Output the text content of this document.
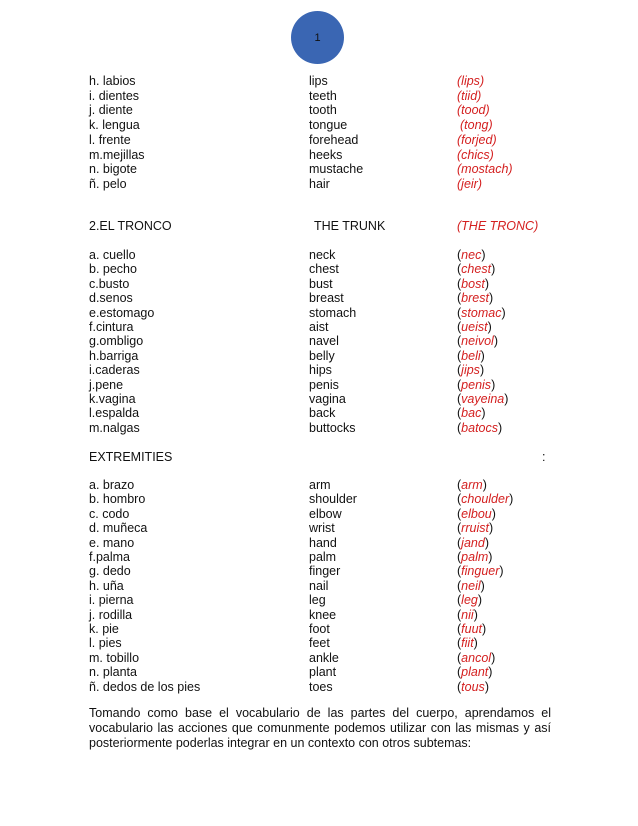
1
h. labios	lips	(lips)
i. dientes	teeth	(tiid)
j. diente	tooth	(tood)
k. lengua	tongue	(tong)
l. frente	forehead	(forjed)
m.mejillas	heeks	(chics)
n. bigote	mustache	(mostach)
ñ. pelo	hair	(jeir)
2.EL TRONCO	THE TRUNK	(THE TRONC)
a. cuello	neck	(nec)
b. pecho	chest	(chest)
c.busto	bust	(bost)
d.senos	breast	(brest)
e.estomago	stomach	(stomac)
f.cintura	aist	(ueist)
g.ombligo	navel	(neivol)
h.barriga	belly	(beli)
i.caderas	hips	(jips)
j.pene	penis	(penis)
k.vagina	vagina	(vayeina)
l.espalda	back	(bac)
m.nalgas	buttocks	(batocs)
EXTREMITIES	:
a. brazo	arm	(arm)
b. hombro	shoulder	(choulder)
c. codo	elbow	(elbou)
d. muñeca	wrist	(rruist)
e. mano	hand	(jand)
f.palma	palm	(palm)
g. dedo	finger	(finguer)
h. uña	nail	(neil)
i. pierna	leg	(leg)
j. rodilla	knee	(nii)
k. pie	foot	(fuut)
l. pies	feet	(fiit)
m. tobillo	ankle	(ancol)
n. planta	plant	(plant)
ñ. dedos de los pies	toes	(tous)
Tomando como base el vocabulario de las partes del cuerpo, aprendamos el vocabulario las acciones que comunmente podemos utilizar con las mismas y así posteriormente poderlas integrar en un contexto con otros subtemas:
